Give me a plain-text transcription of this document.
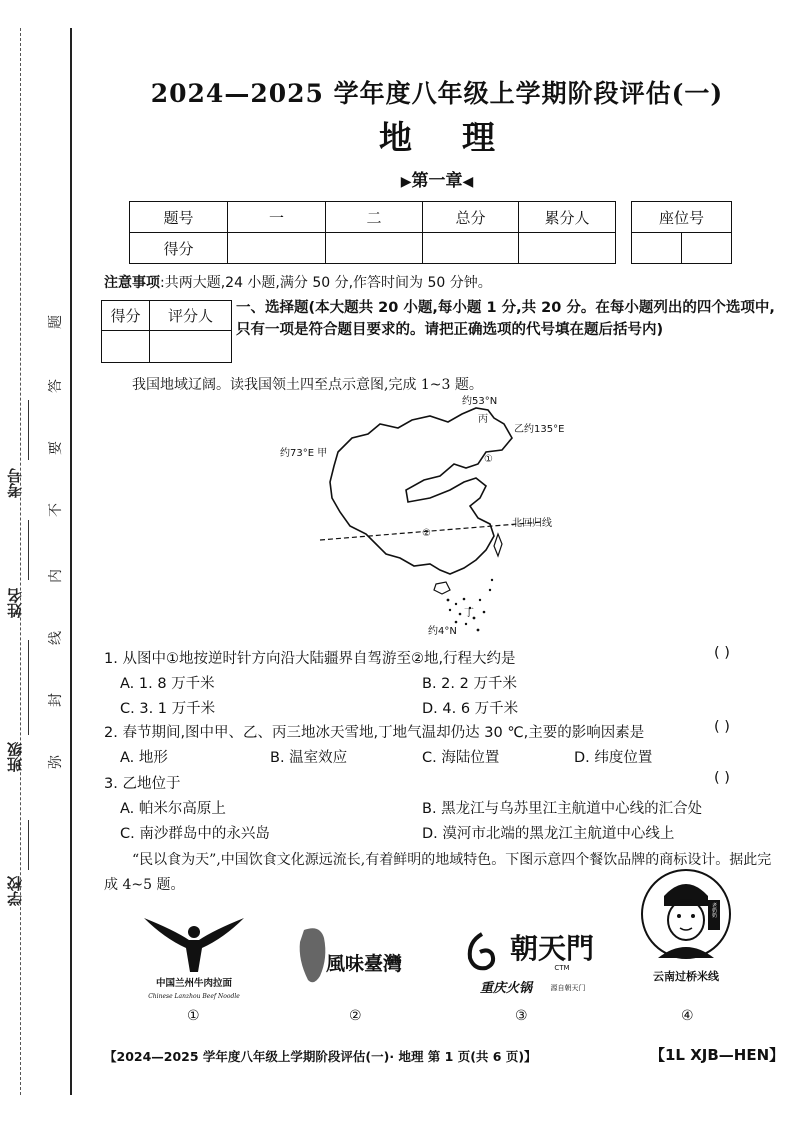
学校
班级
姓名
考号
弥
封
线
内
不
要
答
题
2024—2025 学年度八年级上学期阶段评估(一)
地理
▶第一章◀
题号	一	二	总分	累分人
得分				
座位号

注意事项:共两大题,24 小题,满分 50 分,作答时间为 50 分钟。
得分	评分人
	一、选择题(本大题共 20 小题,每小题 1 分,共 20 分。在每小题列出的四个选项中,只有一项是符合题目要求的。请把正确选项的代号填在题后括号内)
我国地域辽阔。读我国领土四至点示意图,完成 1~3 题。
约53°N
丙
乙约135°E
约73°E 甲
北回归线
①
②
丁
约4°N
1. 从图中①地按逆时针方向沿大陆疆界自驾游至②地,行程大约是	( )
A. 1. 8 万千米	B. 2. 2 万千米
C. 3. 1 万千米	D. 4. 6 万千米
2. 春节期间,图中甲、乙、丙三地冰天雪地,丁地气温却仍达 30 ℃,主要的影响因素是	( )
A. 地形	B. 温室效应	C. 海陆位置	D. 纬度位置
3. 乙地位于	( )
A. 帕米尔高原上	B. 黑龙江与乌苏里江主航道中心线的汇合处
C. 南沙群岛中的永兴岛	D. 漠河市北端的黑龙江主航道中心线上
“民以食为天”,中国饮食文化源远流长,有着鲜明的地域特色。下图示意四个餐饮品牌的商标设计。据此完成 4~5 题。
中国兰州牛肉拉面
Chinese Lanzhou Beef Noodle
①
風味臺灣
②
朝天門
CTM
重庆火锅	源自朝天门
③
老奶奶
云南过桥米线
④
【2024—2025 学年度八年级上学期阶段评估(一)· 地理 第 1 页(共 6 页)】	【1L XJB—HEN】
